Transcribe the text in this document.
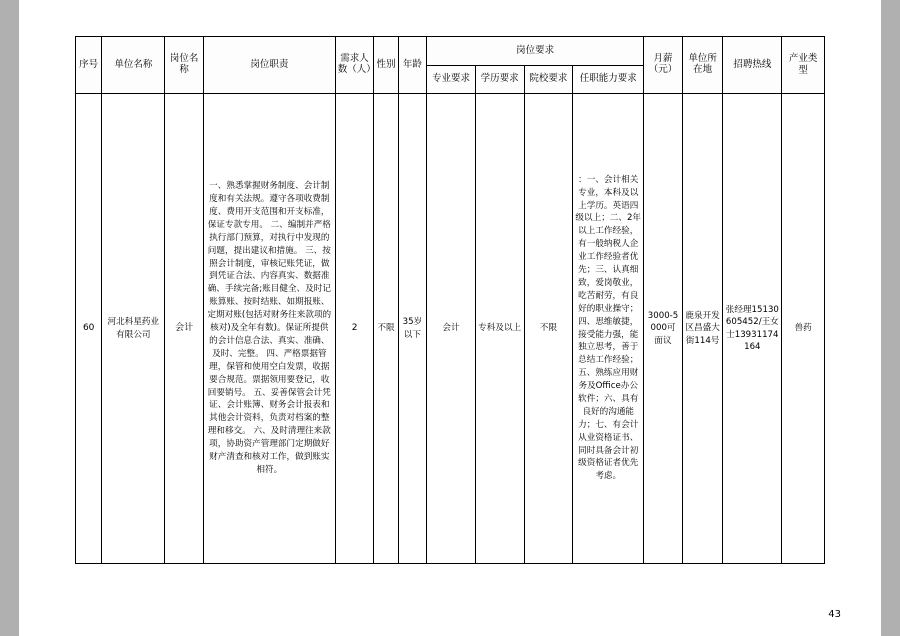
序号	单位名称	岗位名称	岗位职责	需求人数（人）	性别	年龄	岗位要求				月薪（元）	单位所在地	招聘热线	产业类型
							专业要求	学历要求	院校要求	任职能力要求				
60	河北科星药业有限公司	会计	一、熟悉掌握财务制度、会计制度和有关法规。遵守各项收费制度、费用开支范围和开支标准，保证专款专用。 二、编制并严格执行部门预算，对执行中发现的问题，提出建议和措施。 三、按照会计制度，审核记账凭证，做到凭证合法、内容真实、数据准确、手续完备;账目健全、及时记账算账、按时结账、如期报账、定期对账(包括对财务往来款项的核对)及全年有数)。保证所提供的会计信息合法、真实、准确、及时、完整。 四、严格票据管理，保管和使用空白发票，收据要合规范。票据领用要登记，收回要销号。 五、妥善保管会计凭证、会计账簿、财务会计报表和其他会计资料，负责对档案的整理和移交。 六、及时清理往来款项，协助资产管理部门定期做好财产清查和核对工作，做到账实相符。	2	不限	35岁以下	会计	专科及以上	不限	：一、会计相关专业，本科及以上学历。英语四级以上；二、2年以上工作经验，有一般纳税人企业工作经验者优先；三、认真细致，爱岗敬业，吃苦耐劳，有良好的职业操守；四、思维敏捷，接受能力强，能独立思考，善于总结工作经验；五、熟练应用财务及Office办公软件；六、具有良好的沟通能力；七、有会计从业资格证书、同时具备会计初级资格证者优先考虑。	3000-5000可面议	鹿泉开发区昌盛大街114号	张经理15130605452/王女士13931174164	兽药
43
